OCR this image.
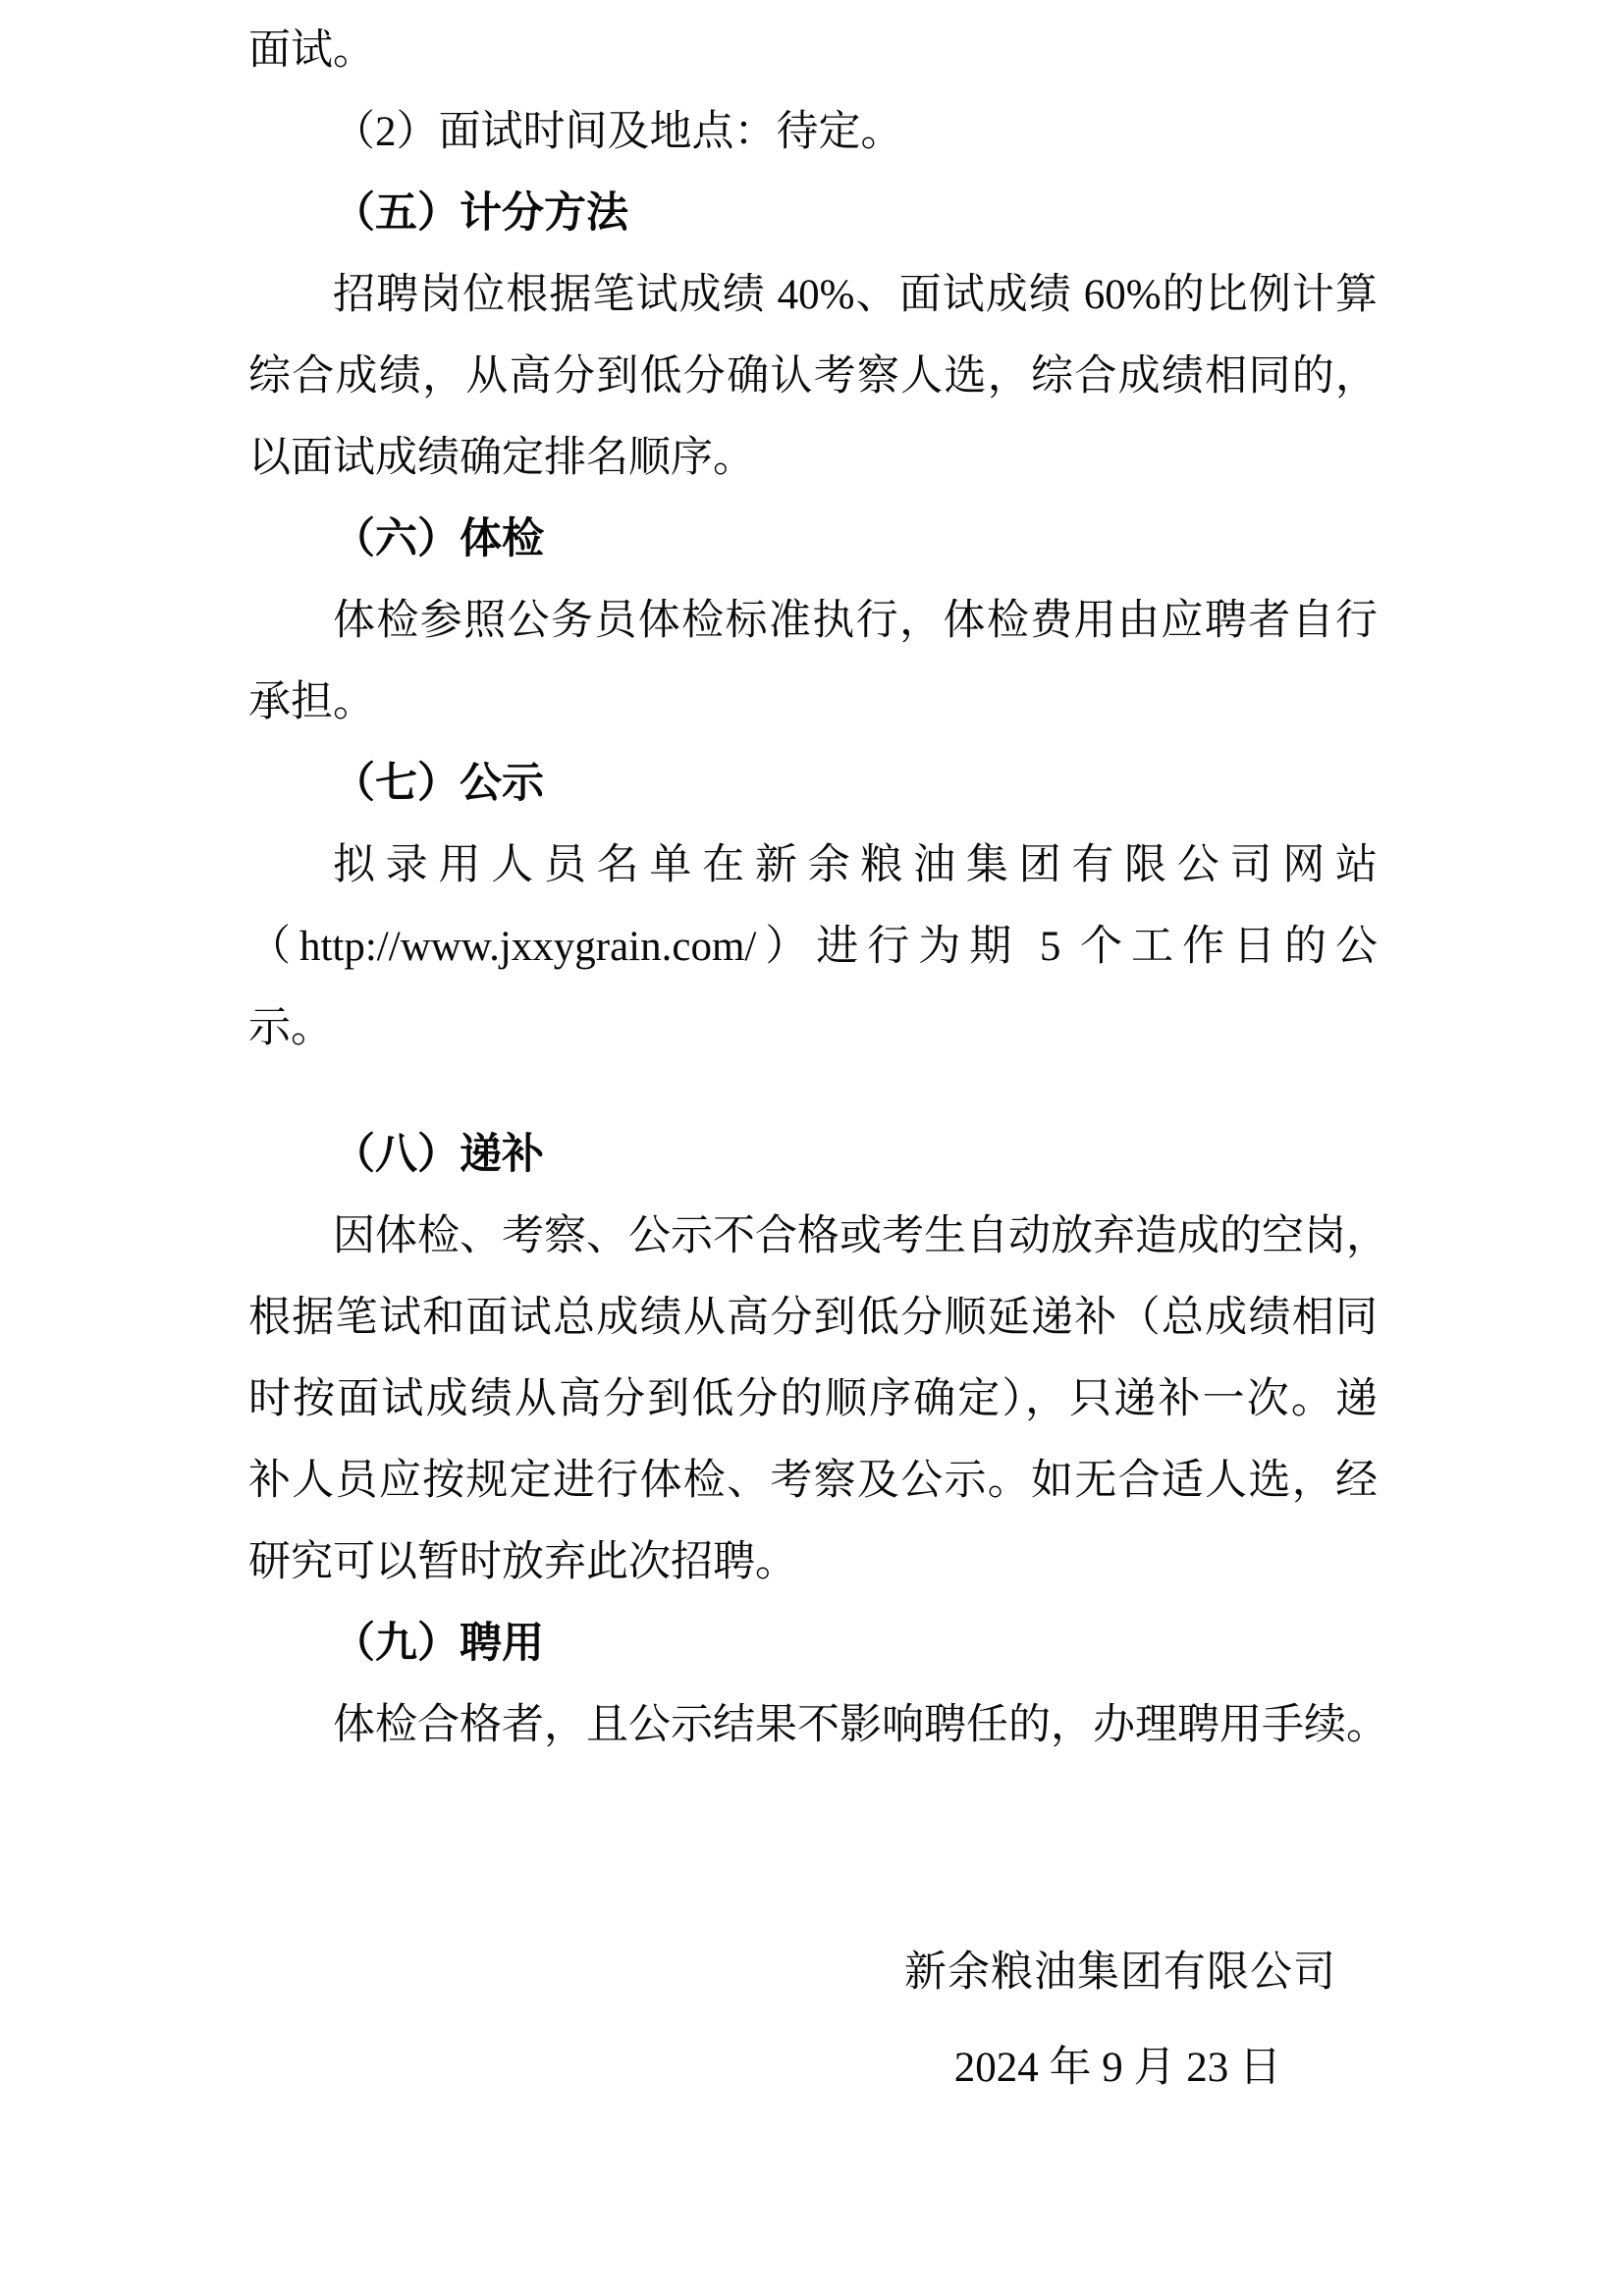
面试。
（2）面试时间及地点：待定。
（五）计分方法
招聘岗位根据笔试成绩 40%、面试成绩 60%的比例计算
综合成绩，从高分到低分确认考察人选，综合成绩相同的，
以面试成绩确定排名顺序。
（六）体检
体检参照公务员体检标准执行，体检费用由应聘者自行
承担。
（七）公示
拟录用人员名单在新余粮油集团有限公司网站
（http://www.jxxygrain.com/）进行为期 5 个工作日的公
示。
（八）递补
因体检、考察、公示不合格或考生自动放弃造成的空岗，
根据笔试和面试总成绩从高分到低分顺延递补（总成绩相同
时按面试成绩从高分到低分的顺序确定），只递补一次。递
补人员应按规定进行体检、考察及公示。如无合适人选，经
研究可以暂时放弃此次招聘。
（九）聘用
体检合格者，且公示结果不影响聘任的，办理聘用手续。
新余粮油集团有限公司
2024 年 9 月 23 日
